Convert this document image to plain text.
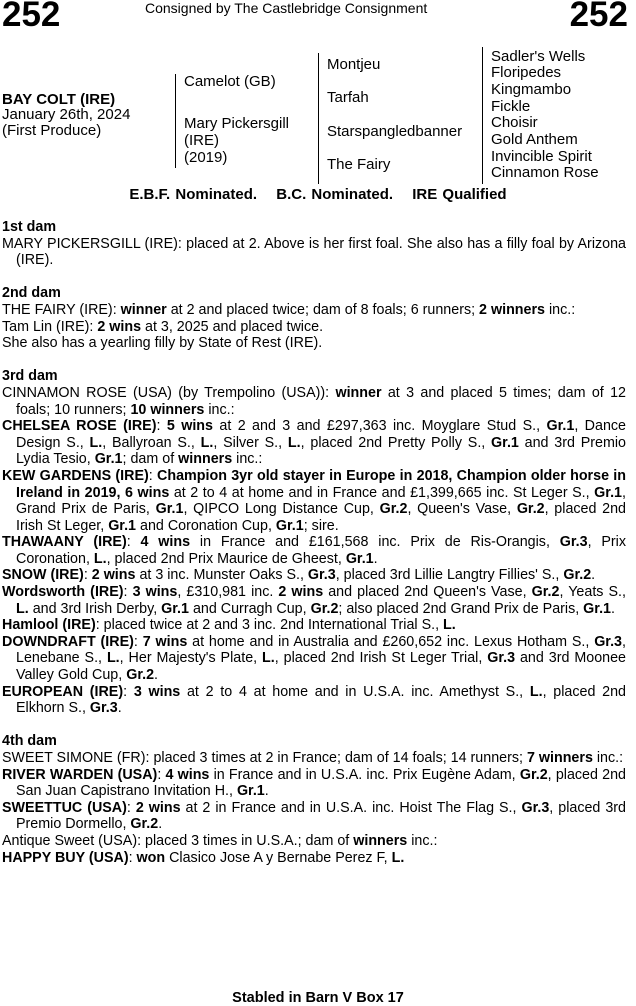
252	Consigned by The Castlebridge Consignment	252
BAY COLT (IRE)
January 26th, 2024
(First Produce)
Camelot (GB)
Mary Pickersgill
(IRE)
(2019)
Montjeu
Tarfah
Starspangledbanner
The Fairy
Sadler's Wells
Floripedes
Kingmambo
Fickle
Choisir
Gold Anthem
Invincible Spirit
Cinnamon Rose
E.B.F. Nominated. B.C. Nominated. IRE Qualified
1st dam

MARY PICKERSGILL (IRE): placed at 2. Above is her first foal. She also has a filly foal by Arizona (IRE).

2nd dam

THE FAIRY (IRE): winner at 2 and placed twice; dam of 8 foals; 6 runners; 2 winners inc.:

Tam Lin (IRE): 2 wins at 3, 2025 and placed twice.

She also has a yearling filly by State of Rest (IRE).

3rd dam

CINNAMON ROSE (USA) (by Trempolino (USA)): winner at 3 and placed 5 times; dam of 12 foals; 10 runners; 10 winners inc.:

CHELSEA ROSE (IRE): 5 wins at 2 and 3 and £297,363 inc. Moyglare Stud S., Gr.1, Dance Design S., L., Ballyroan S., L., Silver S., L., placed 2nd Pretty Polly S., Gr.1 and 3rd Premio Lydia Tesio, Gr.1; dam of winners inc.:

KEW GARDENS (IRE): Champion 3yr old stayer in Europe in 2018, Champion older horse in Ireland in 2019, 6 wins at 2 to 4 at home and in France and £1,399,665 inc. St Leger S., Gr.1, Grand Prix de Paris, Gr.1, QIPCO Long Distance Cup, Gr.2, Queen's Vase, Gr.2, placed 2nd Irish St Leger, Gr.1 and Coronation Cup, Gr.1; sire.

THAWAANY (IRE): 4 wins in France and £161,568 inc. Prix de Ris-Orangis, Gr.3, Prix Coronation, L., placed 2nd Prix Maurice de Gheest, Gr.1.

SNOW (IRE): 2 wins at 3 inc. Munster Oaks S., Gr.3, placed 3rd Lillie Langtry Fillies' S., Gr.2.

Wordsworth (IRE): 3 wins, £310,981 inc. 2 wins and placed 2nd Queen's Vase, Gr.2, Yeats S., L. and 3rd Irish Derby, Gr.1 and Curragh Cup, Gr.2; also placed 2nd Grand Prix de Paris, Gr.1.

Hamlool (IRE): placed twice at 2 and 3 inc. 2nd International Trial S., L.

DOWNDRAFT (IRE): 7 wins at home and in Australia and £260,652 inc. Lexus Hotham S., Gr.3, Lenebane S., L., Her Majesty's Plate, L., placed 2nd Irish St Leger Trial, Gr.3 and 3rd Moonee Valley Gold Cup, Gr.2.

EUROPEAN (IRE): 3 wins at 2 to 4 at home and in U.S.A. inc. Amethyst S., L., placed 2nd Elkhorn S., Gr.3.

4th dam

SWEET SIMONE (FR): placed 3 times at 2 in France; dam of 14 foals; 14 runners; 7 winners inc.:

RIVER WARDEN (USA): 4 wins in France and in U.S.A. inc. Prix Eugène Adam, Gr.2, placed 2nd San Juan Capistrano Invitation H., Gr.1.

SWEETTUC (USA): 2 wins at 2 in France and in U.S.A. inc. Hoist The Flag S., Gr.3, placed 3rd Premio Dormello, Gr.2.

Antique Sweet (USA): placed 3 times in U.S.A.; dam of winners inc.:

HAPPY BUY (USA): won Clasico Jose A y Bernabe Perez F, L.

Stabled in Barn V Box 17
